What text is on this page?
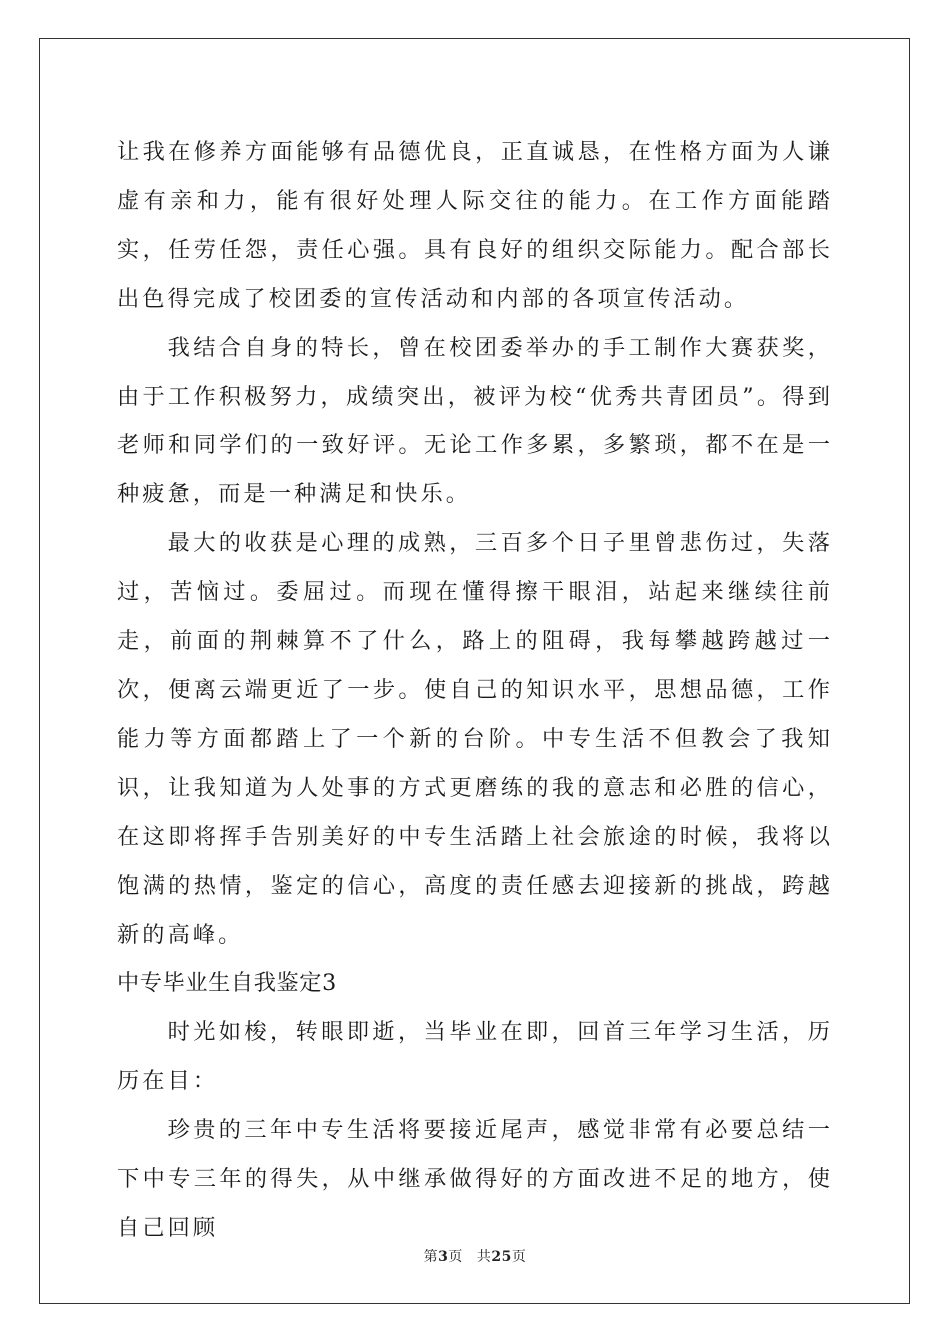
让我在修养方面能够有品德优良，正直诚恳，在性格方面为人谦虚有亲和力，能有很好处理人际交往的能力。在工作方面能踏实，任劳任怨，责任心强。具有良好的组织交际能力。配合部长出色得完成了校团委的宣传活动和内部的各项宣传活动。

我结合自身的特长，曾在校团委举办的手工制作大赛获奖，由于工作积极努力，成绩突出，被评为校“优秀共青团员”。得到老师和同学们的一致好评。无论工作多累，多繁琐，都不在是一种疲惫，而是一种满足和快乐。

最大的收获是心理的成熟，三百多个日子里曾悲伤过，失落过，苦恼过。委屈过。而现在懂得擦干眼泪，站起来继续往前走，前面的荆棘算不了什么，路上的阻碍，我每攀越跨越过一次，便离云端更近了一步。使自己的知识水平，思想品德，工作能力等方面都踏上了一个新的台阶。中专生活不但教会了我知识，让我知道为人处事的方式更磨练的我的意志和必胜的信心，在这即将挥手告别美好的中专生活踏上社会旅途的时候，我将以饱满的热情，鉴定的信心，高度的责任感去迎接新的挑战，跨越新的高峰。

中专毕业生自我鉴定3

时光如梭，转眼即逝，当毕业在即，回首三年学习生活，历历在目：

珍贵的三年中专生活将要接近尾声，感觉非常有必要总结一下中专三年的得失，从中继承做得好的方面改进不足的地方，使自己回顾

第3页 共25页
